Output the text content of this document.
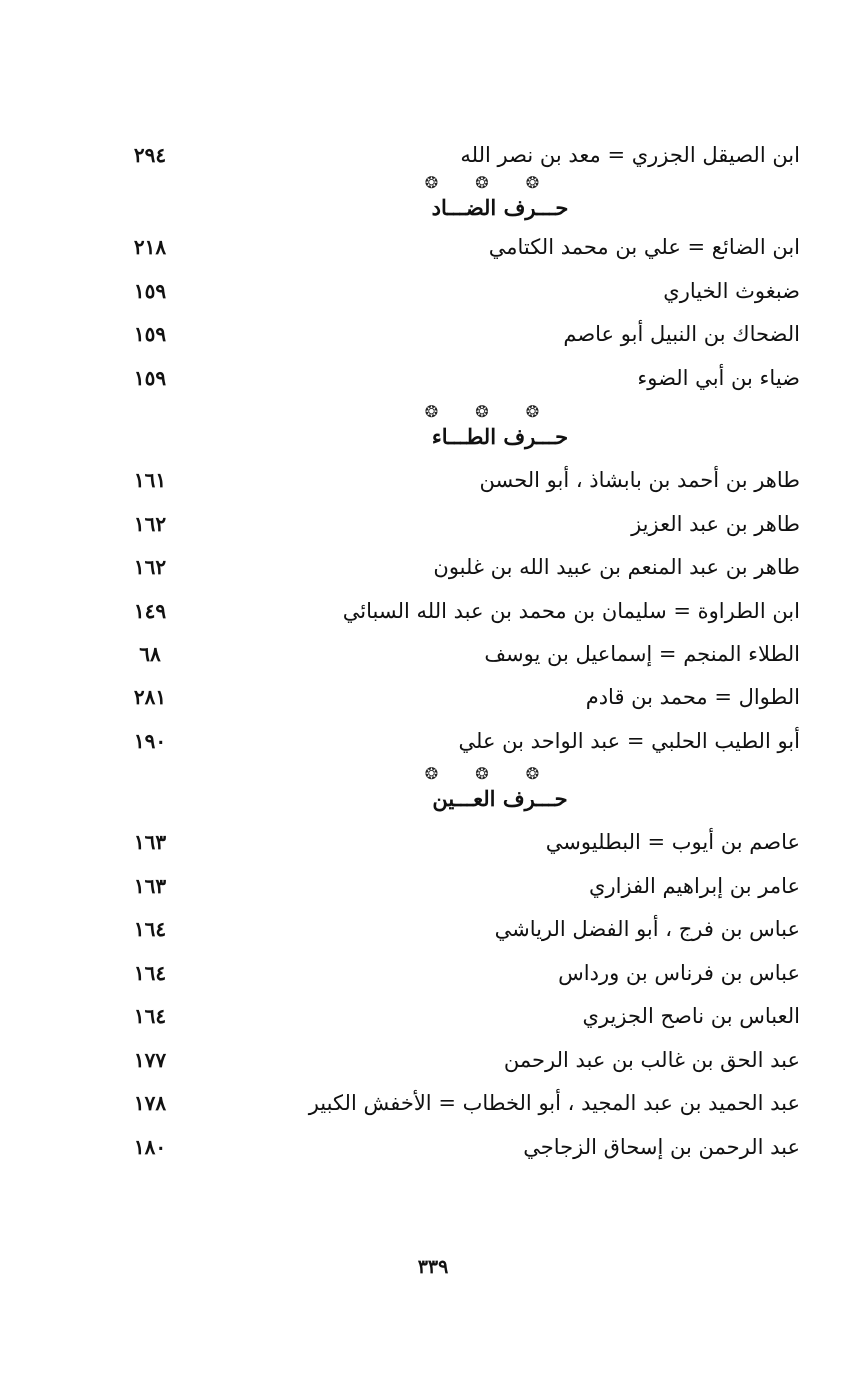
ابن الصيقل الجزري = معد بن نصر الله
٢٩٤
❂ ❂ ❂
حـــرف الضـــاد
ابن الضائع = علي بن محمد الكتامي
٢١٨
ضبغوث الخياري
١٥٩
الضحاك بن النبيل أبو عاصم
١٥٩
ضياء بن أبي الضوء
١٥٩
❂ ❂ ❂
حـــرف الطـــاء
طاهر بن أحمد بن بابشاذ ، أبو الحسن
١٦١
طاهر بن عبد العزيز
١٦٢
طاهر بن عبد المنعم بن عبيد الله بن غلبون
١٦٢
ابن الطراوة = سليمان بن محمد بن عبد الله السبائي
١٤٩
الطلاء المنجم = إسماعيل بن يوسف
٦٨
الطوال = محمد بن قادم
٢٨١
أبو الطيب الحلبي = عبد الواحد بن علي
١٩٠
❂ ❂ ❂
حـــرف العـــين
عاصم بن أيوب = البطليوسي
١٦٣
عامر بن إبراهيم الفزاري
١٦٣
عباس بن فرج ، أبو الفضل الرياشي
١٦٤
عباس بن فرناس بن ورداس
١٦٤
العباس بن ناصح الجزيري
١٦٤
عبد الحق بن غالب بن عبد الرحمن
١٧٧
عبد الحميد بن عبد المجيد ، أبو الخطاب = الأخفش الكبير
١٧٨
عبد الرحمن بن إسحاق الزجاجي
١٨٠
٣٣٩
